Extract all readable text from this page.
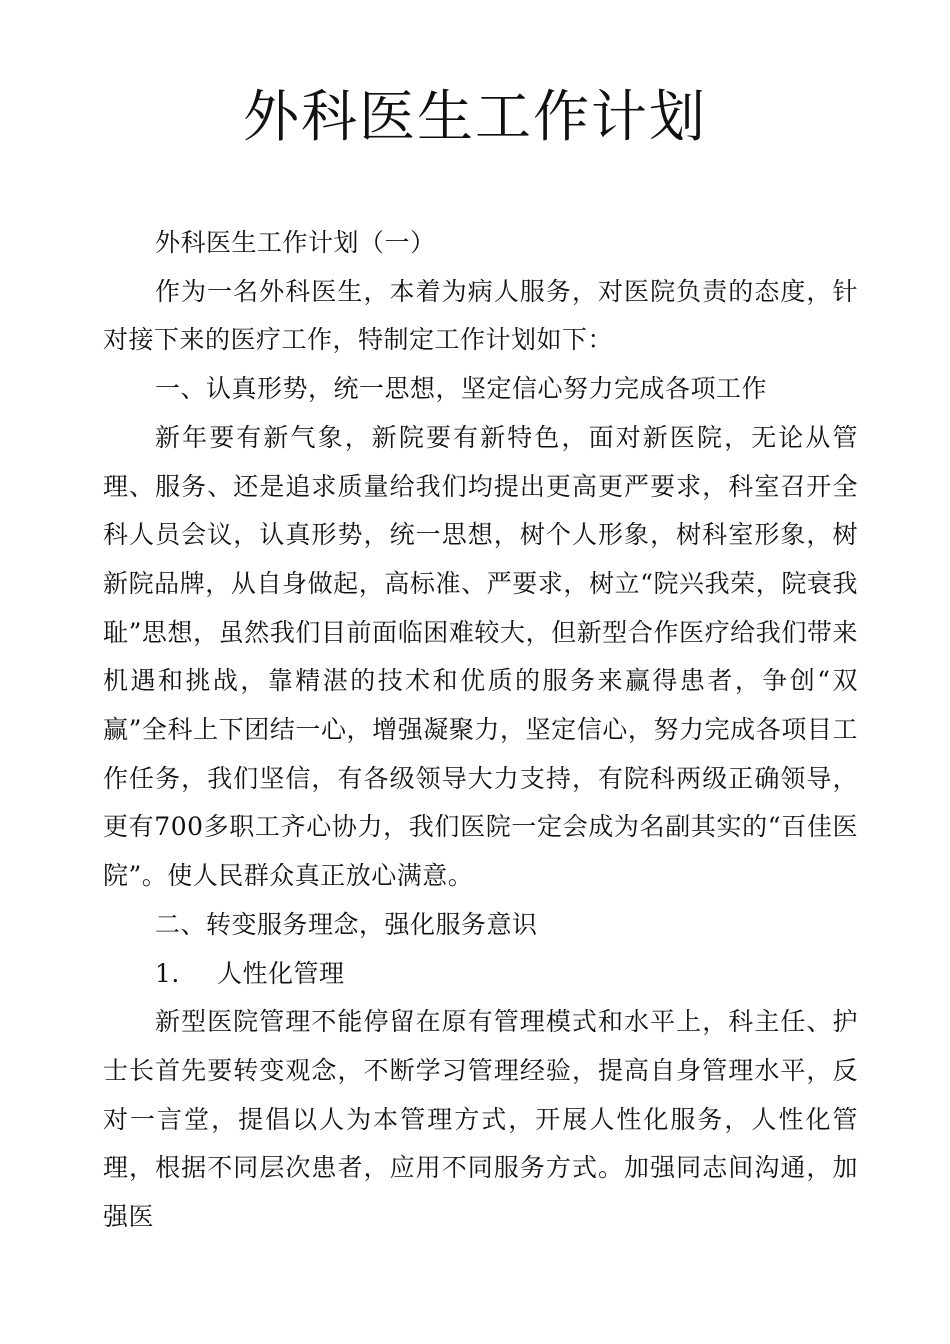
外科医生工作计划

外科医生工作计划（一）

作为一名外科医生，本着为病人服务，对医院负责的态度，针对接下来的医疗工作，特制定工作计划如下：

一、认真形势，统一思想，坚定信心努力完成各项工作

新年要有新气象，新院要有新特色，面对新医院，无论从管理、服务、还是追求质量给我们均提出更高更严要求，科室召开全科人员会议，认真形势，统一思想，树个人形象，树科室形象，树新院品牌，从自身做起，高标准、严要求，树立“院兴我荣，院衰我耻”思想，虽然我们目前面临困难较大，但新型合作医疗给我们带来机遇和挑战，靠精湛的技术和优质的服务来赢得患者，争创“双赢”全科上下团结一心，增强凝聚力，坚定信心，努力完成各项目工作任务，我们坚信，有各级领导大力支持，有院科两级正确领导，更有700多职工齐心协力，我们医院一定会成为名副其实的“百佳医院”。使人民群众真正放心满意。

二、转变服务理念，强化服务意识

1. 人性化管理

新型医院管理不能停留在原有管理模式和水平上，科主任、护士长首先要转变观念，不断学习管理经验，提高自身管理水平，反对一言堂，提倡以人为本管理方式，开展人性化服务，人性化管理，根据不同层次患者，应用不同服务方式。加强同志间沟通，加强医
